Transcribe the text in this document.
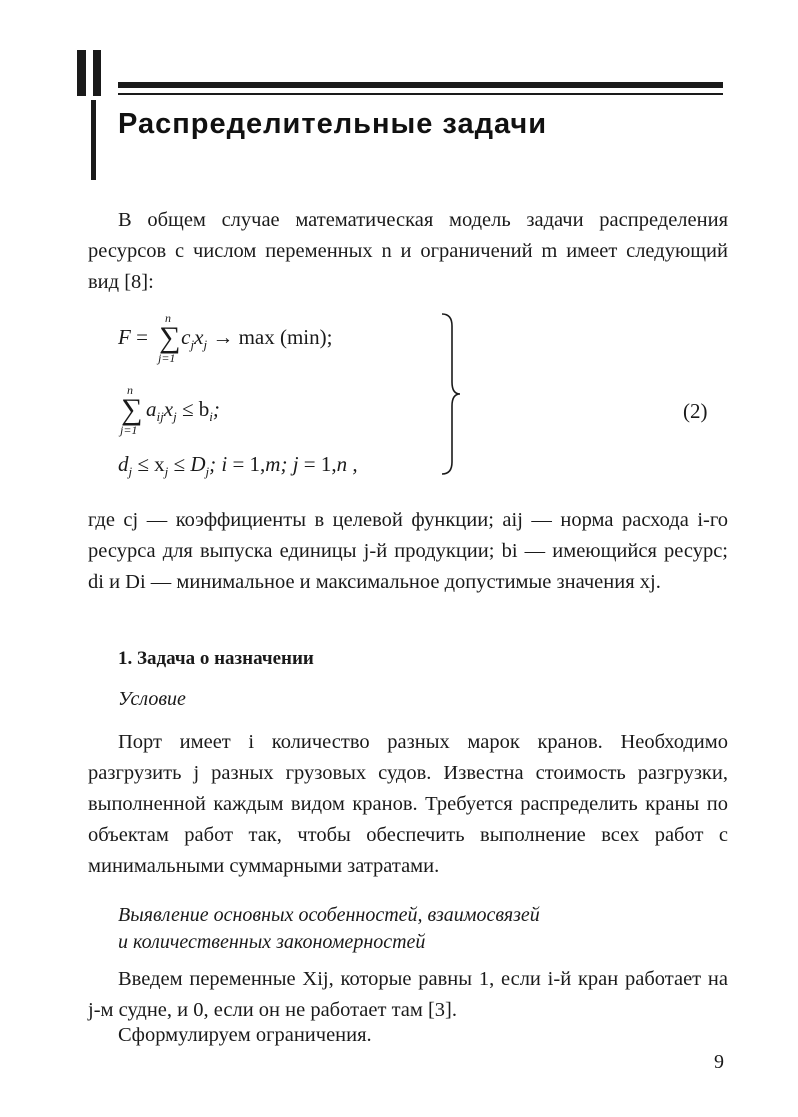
Распределительные задачи

В общем случае математическая модель задачи распределения ресурсов с числом переменных n и ограничений m имеет следующий вид [8]:

F =
n
∑
j=1
$c_jx_j \to \max (\min)$;
n
∑
j=1
$a_{ij}x_j \le b_i$;
$d_j \le x_j \le D_j$; i = 1,m; j = 1,n ,

(2)

где cj — коэффициенты в целевой функции; aij — норма расхода i-го ресурса для выпуска единицы j-й продукции; bi — имеющийся ресурс; di и Di — минимальное и максимальное допустимые значения xj.

1. Задача о назначении

Условие

Порт имеет i количество разных марок кранов. Необходимо разгрузить j разных грузовых судов. Известна стоимость разгрузки, выполненной каждым видом кранов. Требуется распределить краны по объектам работ так, чтобы обеспечить выполнение всех работ с минимальными суммарными затратами.

Выявление основных особенностей, взаимосвязей

и количественных закономерностей

Введем переменные Xij, которые равны 1, если i-й кран работает на j-м судне, и 0, если он не работает там [3].

Сформулируем ограничения.

9
